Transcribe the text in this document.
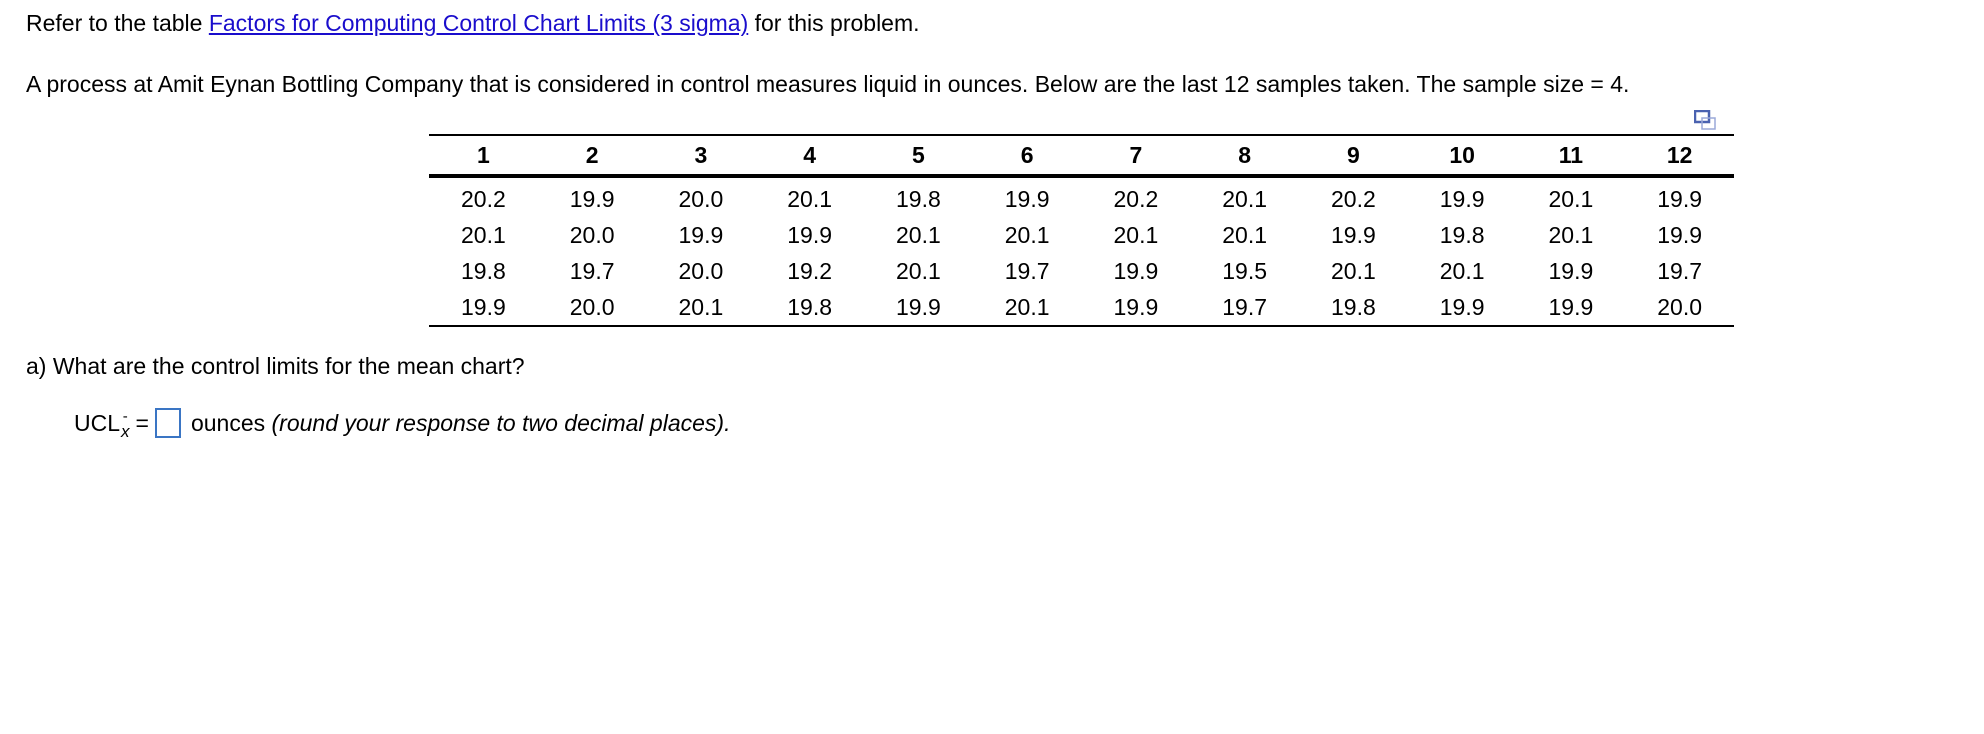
Refer to the table Factors for Computing Control Chart Limits (3 sigma) for this problem.
A process at Amit Eynan Bottling Company that is considered in control measures liquid in ounces. Below are the last 12 samples taken. The sample size = 4.
1	2	3	4	5	6	7	8	9	10	11	12
20.2	19.9	20.0	20.1	19.8	19.9	20.2	20.1	20.2	19.9	20.1	19.9
20.1	20.0	19.9	19.9	20.1	20.1	20.1	20.1	19.9	19.8	20.1	19.9
19.8	19.7	20.0	19.2	20.1	19.7	19.9	19.5	20.1	20.1	19.9	19.7
19.9	20.0	20.1	19.8	19.9	20.1	19.9	19.7	19.8	19.9	19.9	20.0
a) What are the control limits for the mean chart?
UCL -
x = ounces (round your response to two decimal places).
